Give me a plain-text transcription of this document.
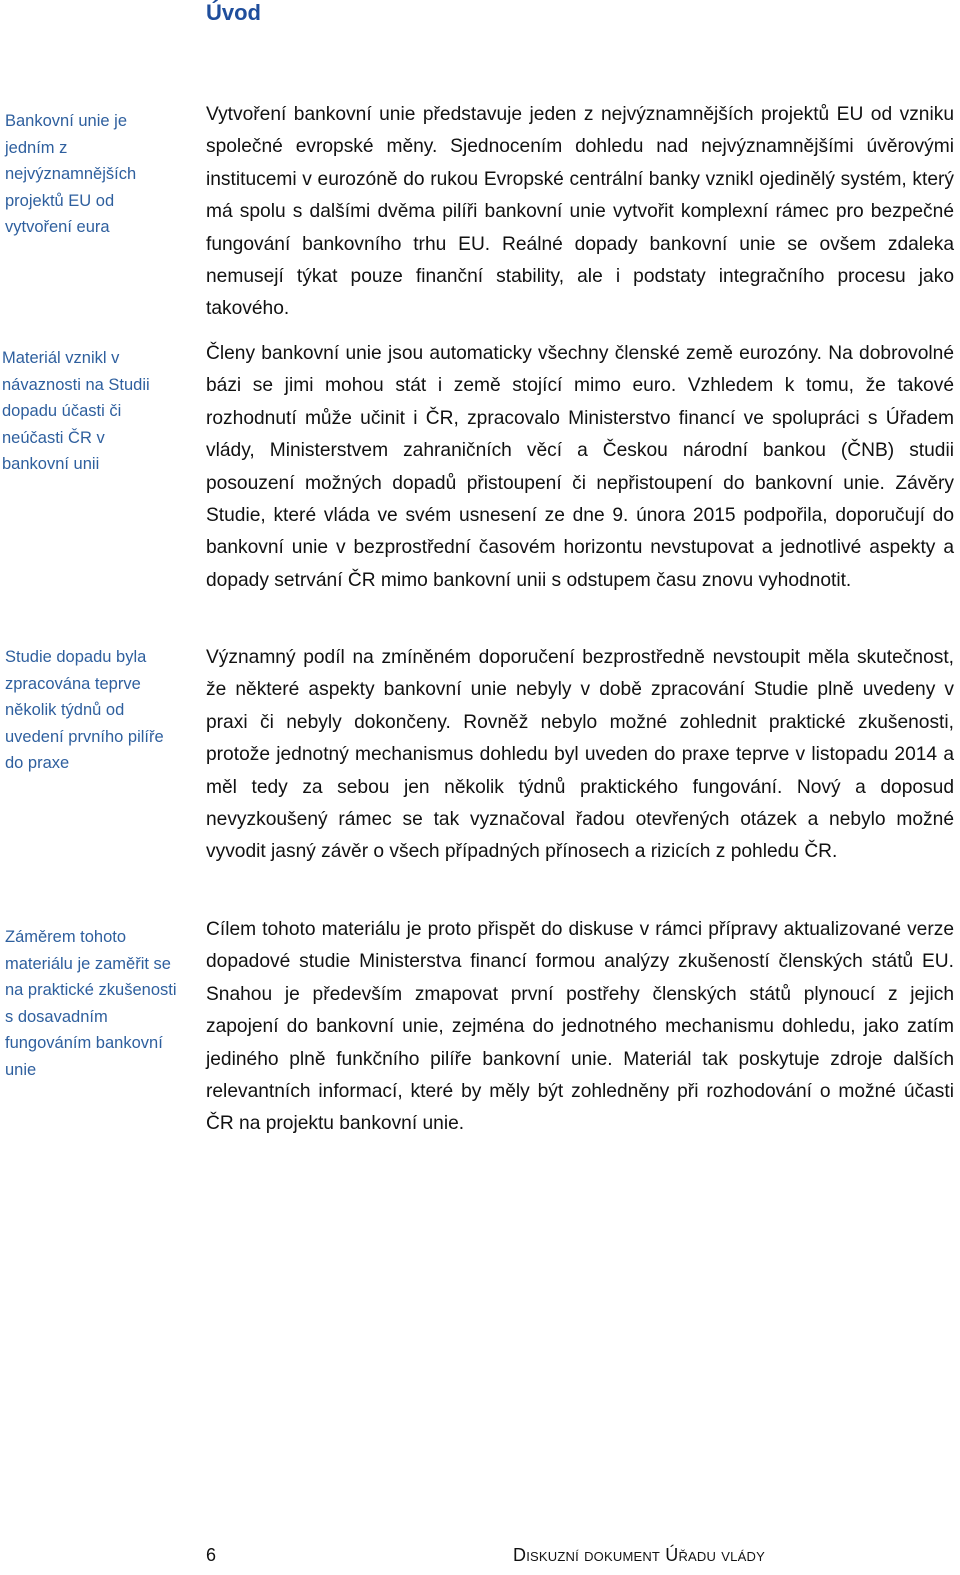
Úvod
Bankovní unie je jedním z nejvýznamnějších projektů EU od vytvoření eura
Materiál vznikl v návaznosti na Studii dopadu účasti či neúčasti ČR v bankovní unii
Studie dopadu byla zpracována teprve několik týdnů od uvedení prvního pilíře do praxe
Záměrem tohoto materiálu je zaměřit se na praktické zkušenosti s dosavadním fungováním bankovní unie

Vytvoření bankovní unie představuje jeden z nejvýznamnějších projektů EU od vzniku společné evropské měny. Sjednocením dohledu nad nejvýznamnějšími úvěrovými institucemi v eurozóně do rukou Evropské centrální banky vznikl ojedinělý systém, který má spolu s dalšími dvěma pilíři bankovní unie vytvořit komplexní rámec pro bezpečné fungování bankovního trhu EU. Reálné dopady bankovní unie se ovšem zdaleka nemusejí týkat pouze finanční stability, ale i podstaty integračního procesu jako takového.

Členy bankovní unie jsou automaticky všechny členské země eurozóny. Na dobrovolné bázi se jimi mohou stát i země stojící mimo euro. Vzhledem k tomu, že takové rozhodnutí může učinit i ČR, zpracovalo Ministerstvo financí ve spolupráci s Úřadem vlády, Ministerstvem zahraničních věcí a Českou národní bankou (ČNB) studii posouzení možných dopadů přistoupení či nepřistoupení do bankovní unie. Závěry Studie, které vláda ve svém usnesení ze dne 9. února 2015 podpořila, doporučují do bankovní unie v bezprostřední časovém horizontu nevstupovat a jednotlivé aspekty a dopady setrvání ČR mimo bankovní unii s odstupem času znovu vyhodnotit.

Významný podíl na zmíněném doporučení bezprostředně nevstoupit měla skutečnost, že některé aspekty bankovní unie nebyly v době zpracování Studie plně uvedeny v praxi či nebyly dokončeny. Rovněž nebylo možné zohlednit praktické zkušenosti, protože jednotný mechanismus dohledu byl uveden do praxe teprve v listopadu 2014 a měl tedy za sebou jen několik týdnů praktického fungování. Nový a doposud nevyzkoušený rámec se tak vyznačoval řadou otevřených otázek a nebylo možné vyvodit jasný závěr o všech případných přínosech a rizicích z pohledu ČR.

Cílem tohoto materiálu je proto přispět do diskuse v rámci přípravy aktualizované verze dopadové studie Ministerstva financí formou analýzy zkušeností členských států EU. Snahou je především zmapovat první postřehy členských států plynoucí z jejich zapojení do bankovní unie, zejména do jednotného mechanismu dohledu, jako zatím jediného plně funkčního pilíře bankovní unie. Materiál tak poskytuje zdroje dalších relevantních informací, které by měly být zohledněny při rozhodování o možné účasti ČR na projektu bankovní unie.

6	Diskuzní dokument Úřadu vlády
